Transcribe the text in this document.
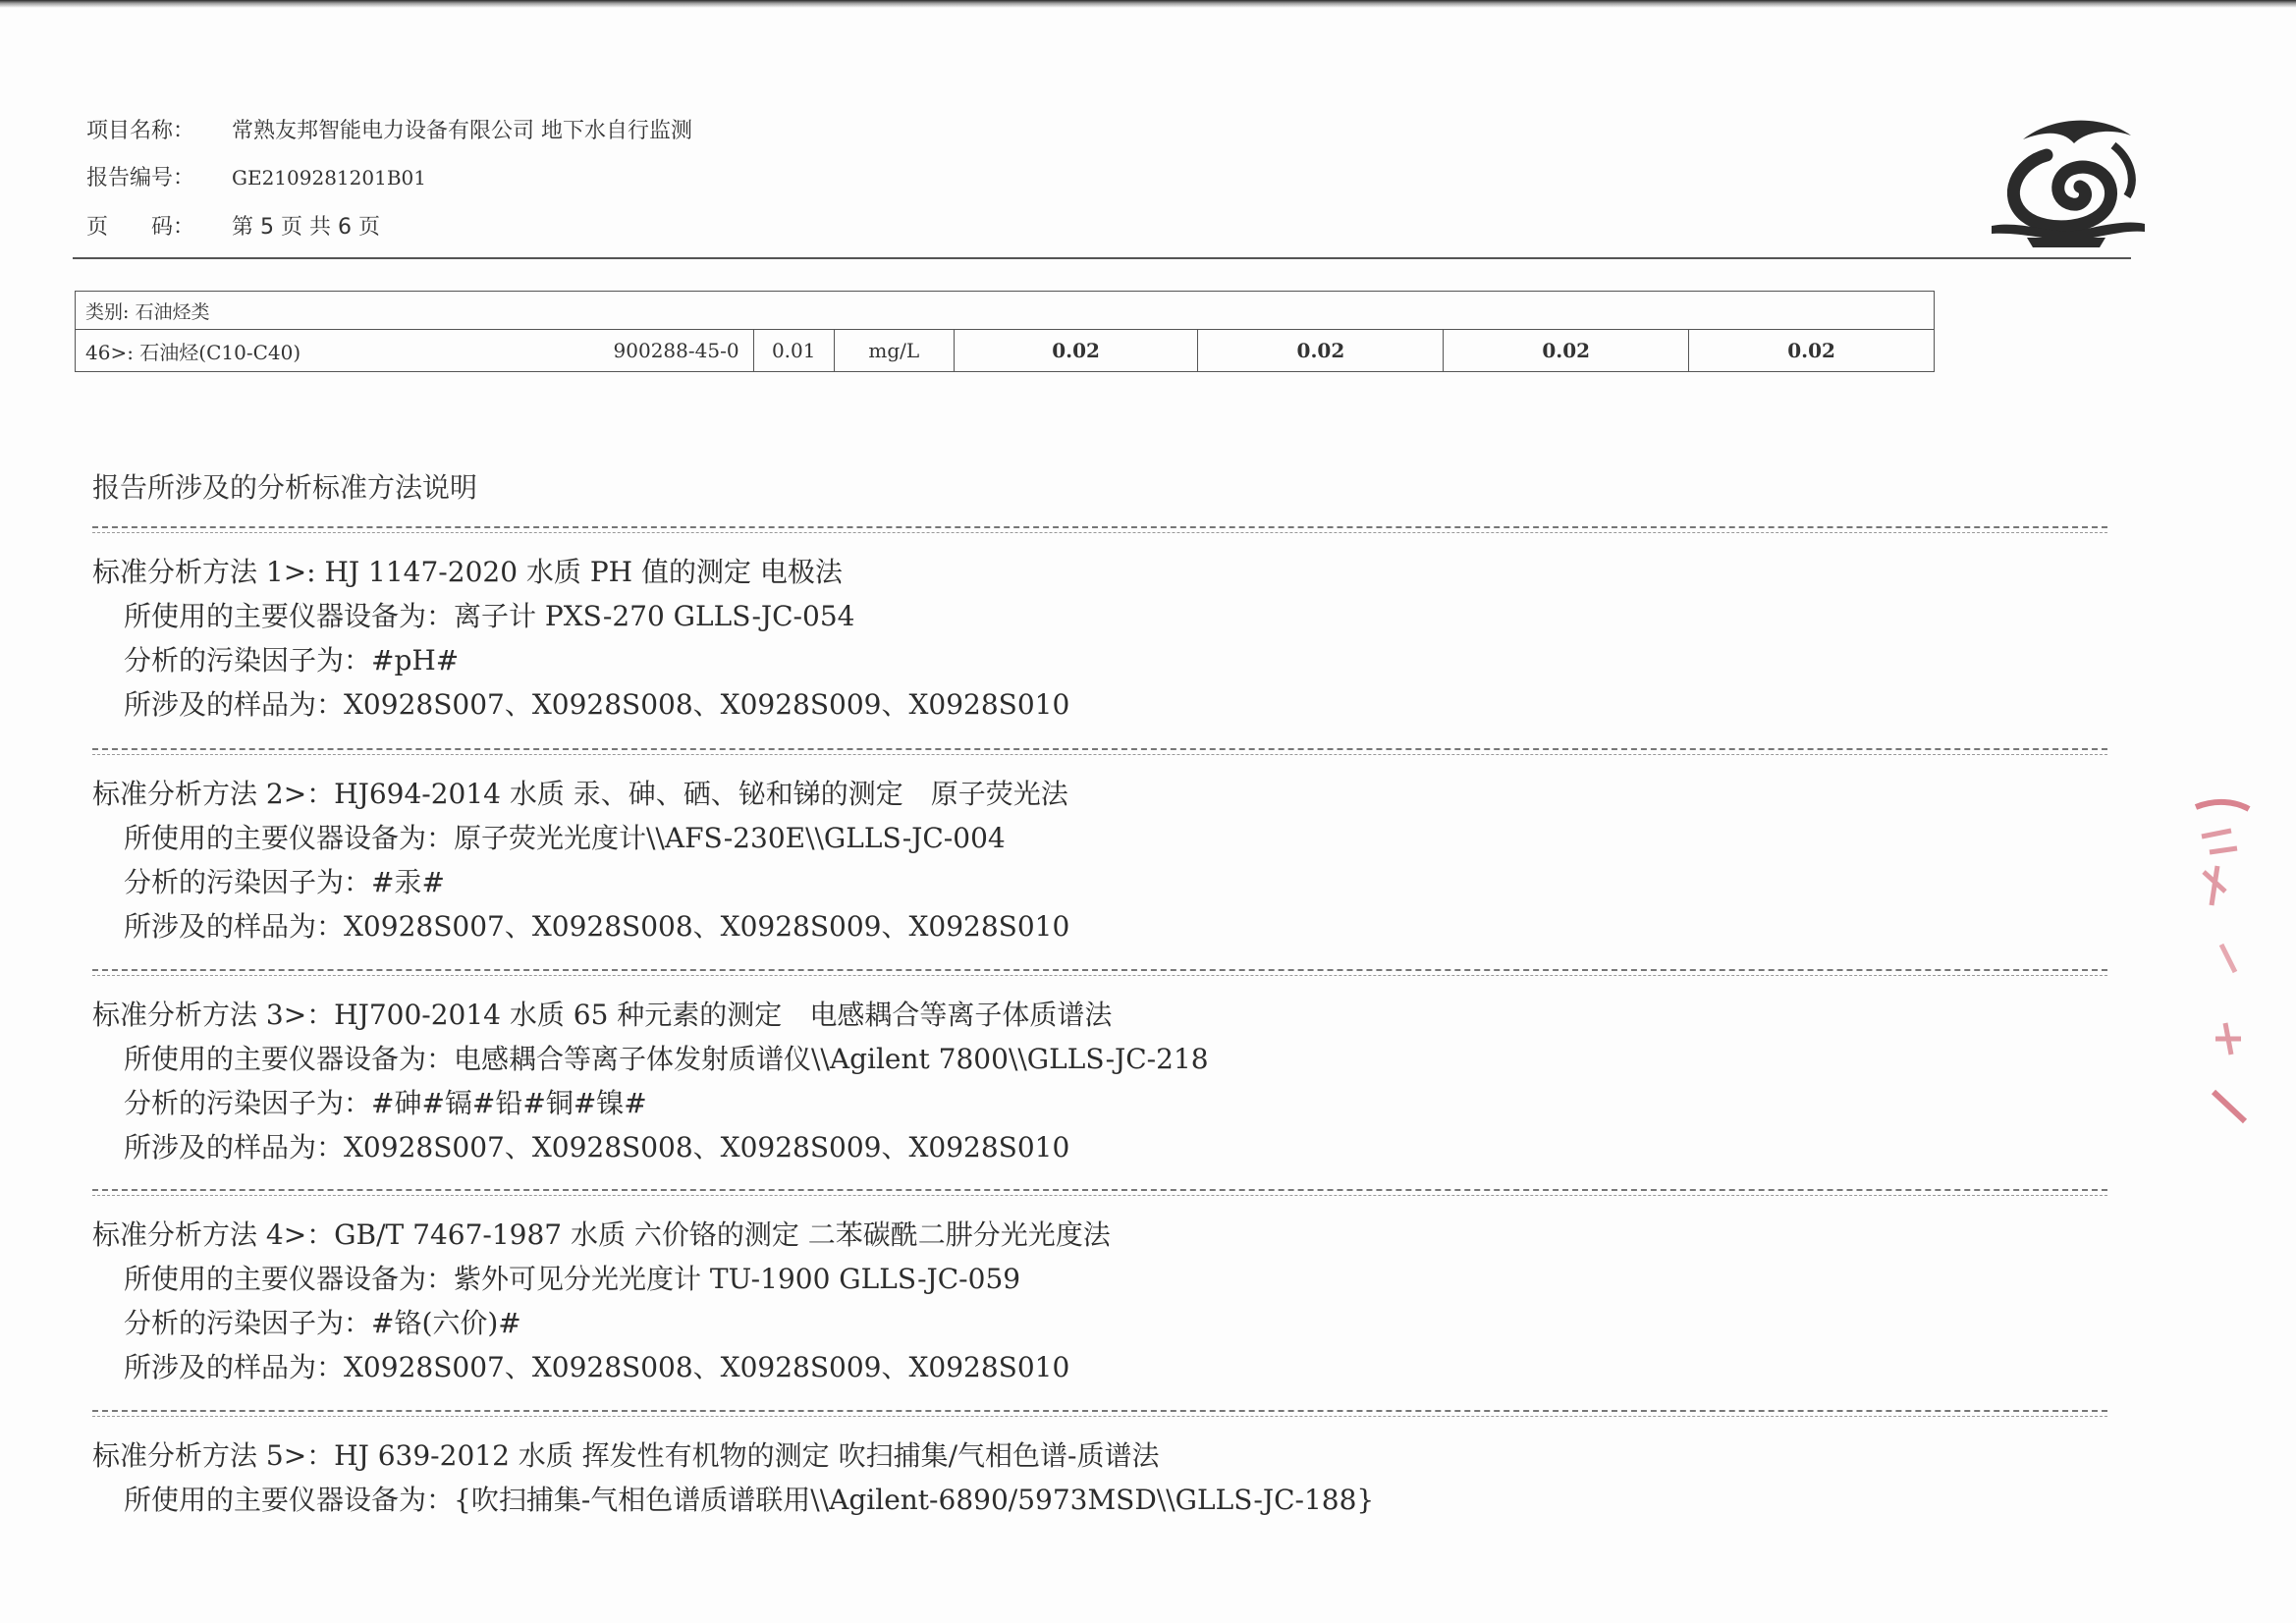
项目名称： 常熟友邦智能电力设备有限公司 地下水自行监测
报告编号： GE2109281201B01
页　　码： 第 5 页 共 6 页
类别: 石油烃类
46>: 石油烃(C10-C40)	900288-45-0	0.01	mg/L	0.02	0.02	0.02	0.02
报告所涉及的分析标准方法说明
标准分析方法 1>: HJ 1147-2020 水质 PH 值的测定 电极法
所使用的主要仪器设备为：离子计 PXS-270 GLLS-JC-054
分析的污染因子为：#pH#
所涉及的样品为：X0928S007、X0928S008、X0928S009、X0928S010
标准分析方法 2>：HJ694-2014 水质 汞、砷、硒、铋和锑的测定　原子荧光法
所使用的主要仪器设备为：原子荧光光度计\\AFS-230E\\GLLS-JC-004
分析的污染因子为：#汞#
所涉及的样品为：X0928S007、X0928S008、X0928S009、X0928S010
标准分析方法 3>：HJ700-2014 水质 65 种元素的测定　电感耦合等离子体质谱法
所使用的主要仪器设备为：电感耦合等离子体发射质谱仪\\Agilent 7800\\GLLS-JC-218
分析的污染因子为：#砷#镉#铅#铜#镍#
所涉及的样品为：X0928S007、X0928S008、X0928S009、X0928S010
标准分析方法 4>：GB/T 7467-1987 水质 六价铬的测定 二苯碳酰二肼分光光度法
所使用的主要仪器设备为：紫外可见分光光度计 TU-1900 GLLS-JC-059
分析的污染因子为：#铬(六价)#
所涉及的样品为：X0928S007、X0928S008、X0928S009、X0928S010
标准分析方法 5>：HJ 639-2012 水质 挥发性有机物的测定 吹扫捕集/气相色谱-质谱法
所使用的主要仪器设备为：{吹扫捕集-气相色谱质谱联用\\Agilent-6890/5973MSD\\GLLS-JC-188}
